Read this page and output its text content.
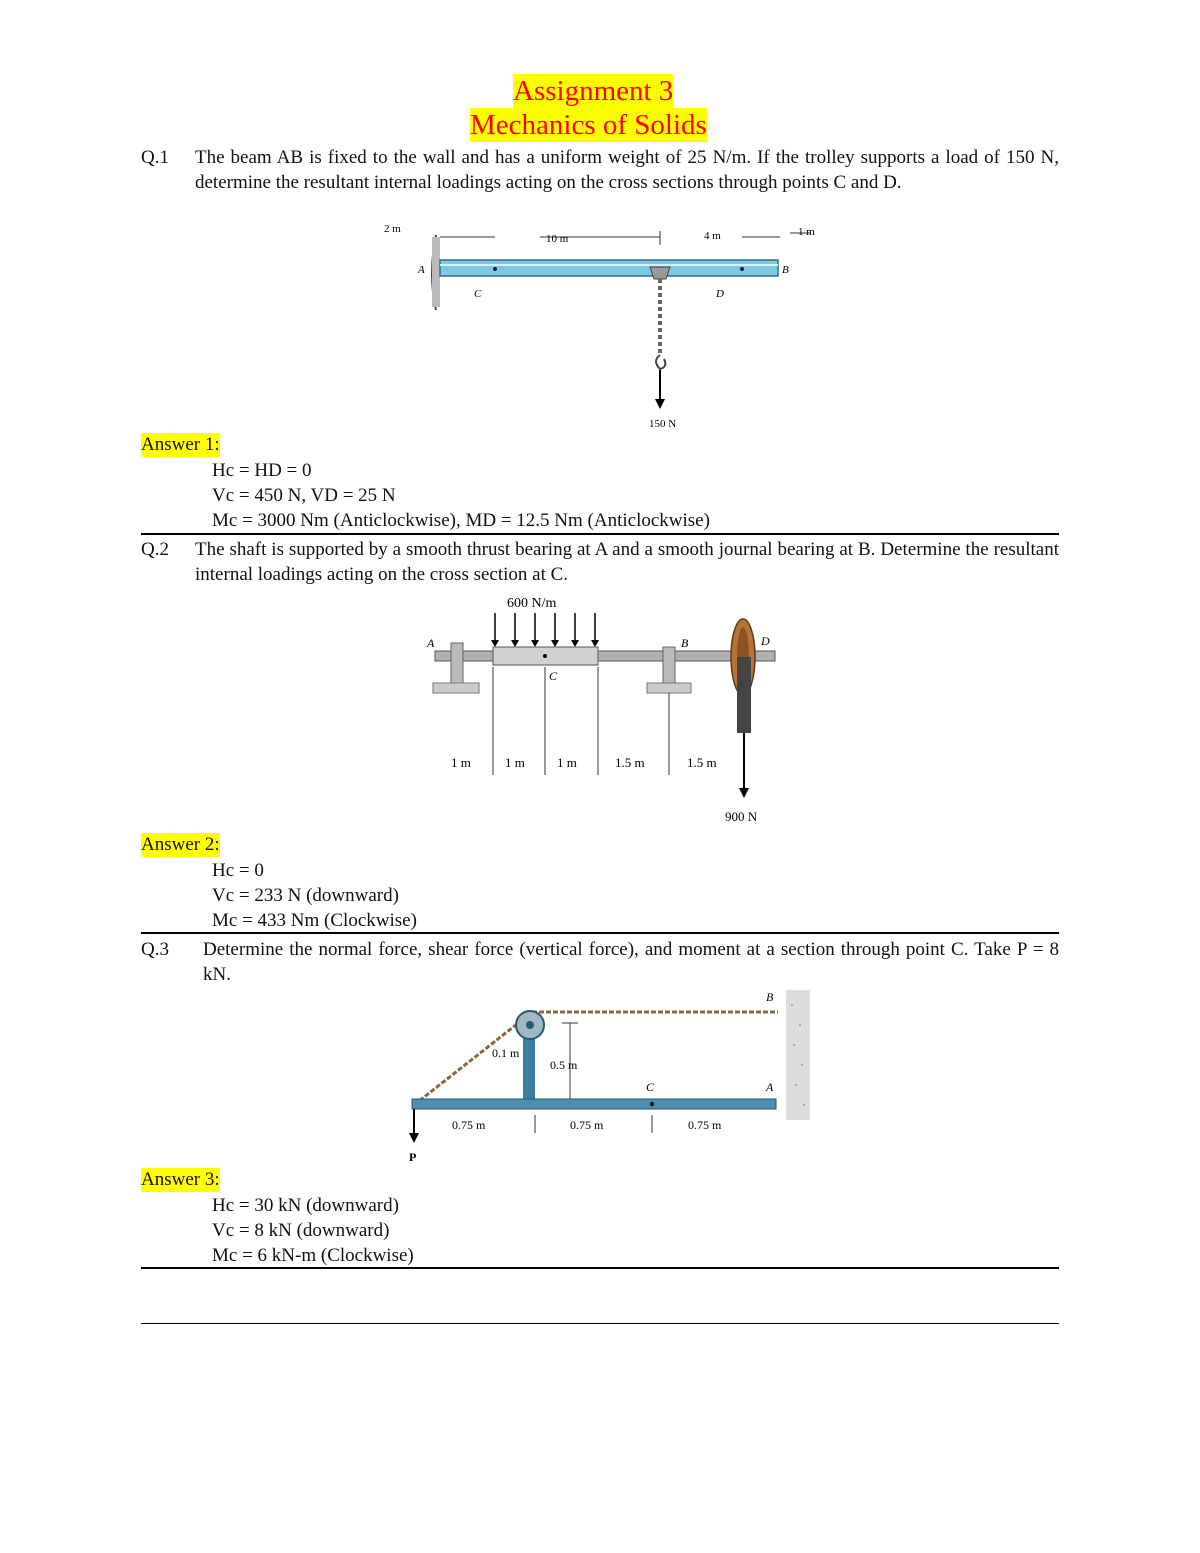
Assignment 3
Mechanics of Solids
Q.1 The beam AB is fixed to the wall and has a uniform weight of 25 N/m. If the trolley supports a load of 150 N, determine the resultant internal loadings acting on the cross sections through points C and D.
2 m
10 m	4 m	1 m
A	B
C	D
150 N
Answer 1:
Hc = HD = 0
Vc = 450 N, VD = 25 N
Mc = 3000 Nm (Anticlockwise), MD = 12.5 Nm (Anticlockwise)
Q.2 The shaft is supported by a smooth thrust bearing at A and a smooth journal bearing at B. Determine the resultant internal loadings acting on the cross section at C.
600 N/m
900 N
A	B
C
D
1 m	1 m 1 m	1.5 m	1.5 m
Answer 2:
Hc = 0
Vc = 233 N (downward)
Mc = 433 Nm (Clockwise)
Q.3 Determine the normal force, shear force (vertical force), and moment at a section through point C. Take P = 8 kN.
0.5 m
0.1 m
C	A
B
0.75 m	0.75 m	0.75 m
P
Answer 3:
Hc = 30 kN (downward)
Vc = 8 kN (downward)
Mc = 6 kN-m (Clockwise)
